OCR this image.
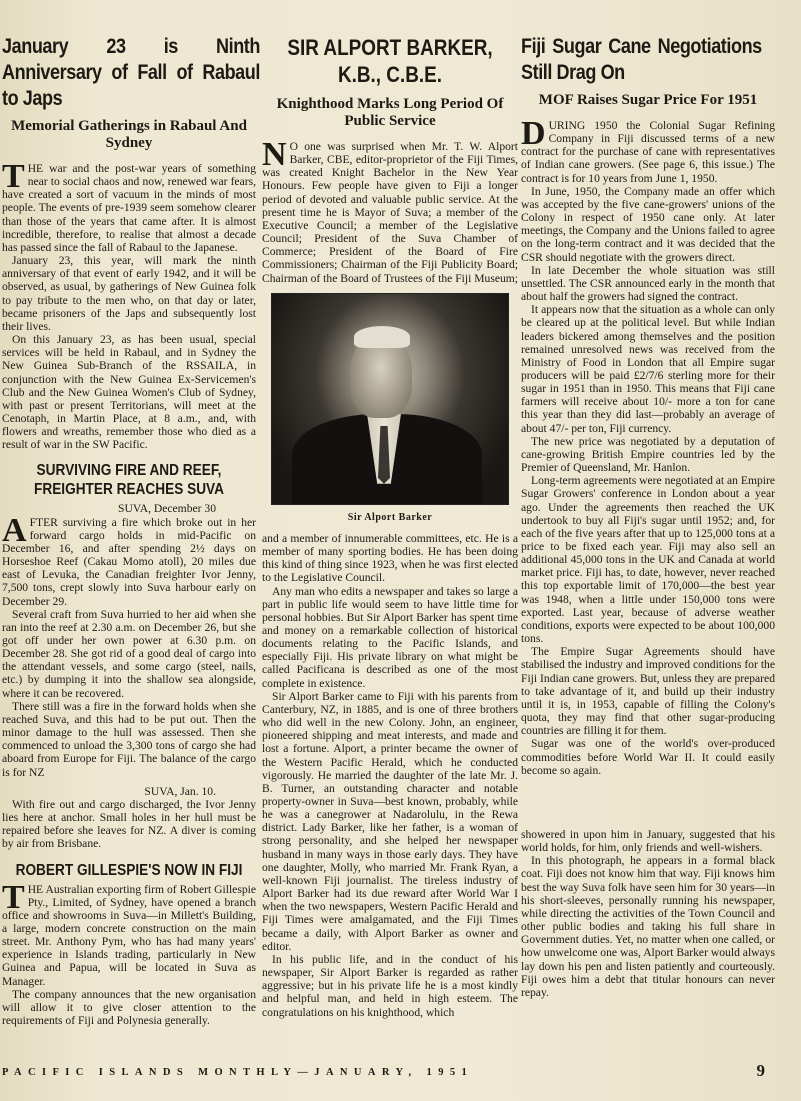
January 23 is Ninth Anniversary of Fall of Rabaul to Japs
Memorial Gatherings in Rabaul And Sydney

THE war and the post-war years of something near to social chaos and now, renewed war fears, have created a sort of vacuum in the minds of most people. The events of pre-1939 seem somehow clearer than those of the years that came after. It is almost incredible, therefore, to realise that almost a decade has passed since the fall of Rabaul to the Japanese.

January 23, this year, will mark the ninth anniversary of that event of early 1942, and it will be observed, as usual, by gatherings of New Guinea folk to pay tribute to the men who, on that day or later, became prisoners of the Japs and subsequently lost their lives.

On this January 23, as has been usual, special services will be held in Rabaul, and in Sydney the New Guinea Sub-Branch of the RSSAILA, in conjunction with the New Guinea Ex-Servicemen's Club and the New Guinea Women's Club of Sydney, with past or present Territorians, will meet at the Cenotaph, in Martin Place, at 8 a.m., and, with flowers and wreaths, remember those who died as a result of war in the SW Pacific.

SURVIVING FIRE AND REEF, FREIGHTER REACHES SUVA
SUVA, December 30

AFTER surviving a fire which broke out in her forward cargo holds in mid-Pacific on December 16, and after spending 2½ days on Horseshoe Reef (Cakau Momo atoll), 20 miles due east of Levuka, the Canadian freighter Ivor Jenny, 7,500 tons, crept slowly into Suva harbour early on December 29.

Several craft from Suva hurried to her aid when she ran into the reef at 2.30 a.m. on December 26, but she got off under her own power at 6.30 p.m. on December 28. She got rid of a good deal of cargo into the attendant vessels, and some cargo (steel, nails, etc.) by dumping it into the shallow sea alongside, where it can be recovered.

There still was a fire in the forward holds when she reached Suva, and this had to be put out. Then the minor damage to the hull was assessed. Then she commenced to unload the 3,300 tons of cargo she had aboard from Europe for Fiji. The balance of the cargo is for NZ

SUVA, Jan. 10.

With fire out and cargo discharged, the Ivor Jenny lies here at anchor. Small holes in her hull must be repaired before she leaves for NZ. A diver is coming by air from Brisbane.

ROBERT GILLESPIE'S NOW IN FIJI

THE Australian exporting firm of Robert Gillespie Pty., Limited, of Sydney, have opened a branch office and showrooms in Suva—in Millett's Building, a large, modern concrete construction on the main street. Mr. Anthony Pym, who has had many years' experience in Islands trading, particularly in New Guinea and Papua, will be located in Suva as Manager.

The company announces that the new organisation will allow it to give closer attention to the requirements of Fiji and Polynesia generally.

SIR ALPORT BARKER, K.B., C.B.E.
Knighthood Marks Long Period Of Public Service

N O one was surprised when Mr. T. W. Alport Barker, CBE, editor-proprietor of the Fiji Times, was created Knight Bachelor in the New Year Honours. Few people have given to Fiji a longer period of devoted and valuable public service. At the present time he is Mayor of Suva; a member of the Executive Council; a member of the Legislative Council; President of the Suva Chamber of Commerce; President of the Board of Fire Commissioners; Chairman of the Fiji Publicity Board; Chairman of the Board of Trustees of the Fiji Museum;

Sir Alport Barker

and a member of innumerable committees, etc. He is a member of many sporting bodies. He has been doing this kind of thing since 1923, when he was first elected to the Legislative Council.

Any man who edits a newspaper and takes so large a part in public life would seem to have little time for personal hobbies. But Sir Alport Barker has spent time and money on a remarkable collection of historical documents relating to the Pacific Islands, and especially Fiji. His private library on what might be called Pacificana is described as one of the most complete in existence.

Sir Alport Barker came to Fiji with his parents from Canterbury, NZ, in 1885, and is one of three brothers who did well in the new Colony. John, an engineer, pioneered shipping and meat interests, and made and lost a fortune. Alport, a printer became the owner of the Western Pacific Herald, which he conducted vigorously. He married the daughter of the late Mr. J. B. Turner, an outstanding character and notable property-owner in Suva—best known, probably, while he was a canegrower at Nadarolulu, in the Rewa district. Lady Barker, like her father, is a woman of strong personality, and she helped her newspaper husband in many ways in those early days. They have one daughter, Molly, who married Mr. Frank Ryan, a well-known Fiji journalist. The tireless industry of Alport Barker had its due reward after World War I when the two newspapers, Western Pacific Herald and Fiji Times were amalgamated, and the Fiji Times became a daily, with Alport Barker as owner and editor.

In his public life, and in the conduct of his newspaper, Sir Alport Barker is regarded as rather aggressive; but in his private life he is a most kindly and helpful man, and held in high esteem. The congratulations on his knighthood, which

Fiji Sugar Cane Negotiations Still Drag On
MOF Raises Sugar Price For 1951

DURING 1950 the Colonial Sugar Refining Company in Fiji discussed terms of a new contract for the purchase of cane with representatives of Indian cane growers. (See page 6, this issue.) The contract is for 10 years from June 1, 1950.

In June, 1950, the Company made an offer which was accepted by the five cane-growers' unions of the Colony in respect of 1950 cane only. At later meetings, the Company and the Unions failed to agree on the long-term contract and it was decided that the CSR should negotiate with the growers direct.

In late December the whole situation was still unsettled. The CSR announced early in the month that about half the growers had signed the contract.

It appears now that the situation as a whole can only be cleared up at the political level. But while Indian leaders bickered among themselves and the position remained unresolved news was received from the Ministry of Food in London that all Empire sugar producers will be paid £2/7/6 sterling more for their sugar in 1951 than in 1950. This means that Fiji cane farmers will receive about 10/- more a ton for cane this year than they did last—probably an average of about 47/- per ton, Fiji currency.

The new price was negotiated by a deputation of cane-growing British Empire countries led by the Premier of Queensland, Mr. Hanlon.

Long-term agreements were negotiated at an Empire Sugar Growers' conference in London about a year ago. Under the agreements then reached the UK undertook to buy all Fiji's sugar until 1952; and, for each of the five years after that up to 125,000 tons at a price to be fixed each year. Fiji may also sell an additional 45,000 tons in the UK and Canada at world market price. Fiji has, to date, however, never reached this top exportable limit of 170,000—the best year was 1948, when a little under 150,000 tons were exported. Last year, because of adverse weather conditions, exports were expected to be about 100,000 tons.

The Empire Sugar Agreements should have stabilised the industry and improved conditions for the Fiji Indian cane growers. But, unless they are prepared to take advantage of it, and build up their industry until it is, in 1953, capable of filling the Colony's quota, they may find that other sugar-producing countries are filling it for them.

Sugar was one of the world's over-produced commodities before World War II. It could easily become so again.

showered in upon him in January, suggested that his world holds, for him, only friends and well-wishers.

In this photograph, he appears in a formal black coat. Fiji does not know him that way. Fiji knows him best the way Suva folk have seen him for 30 years—in his short-sleeves, personally running his newspaper, while directing the activities of the Town Council and other public bodies and taking his full share in Government duties. Yet, no matter when one called, or how unwelcome one was, Alport Barker would always lay down his pen and listen patiently and courteously. Fiji owes him a debt that titular honours can never repay.

PACIFIC ISLANDS MONTHLY—JANUARY, 1951	9
